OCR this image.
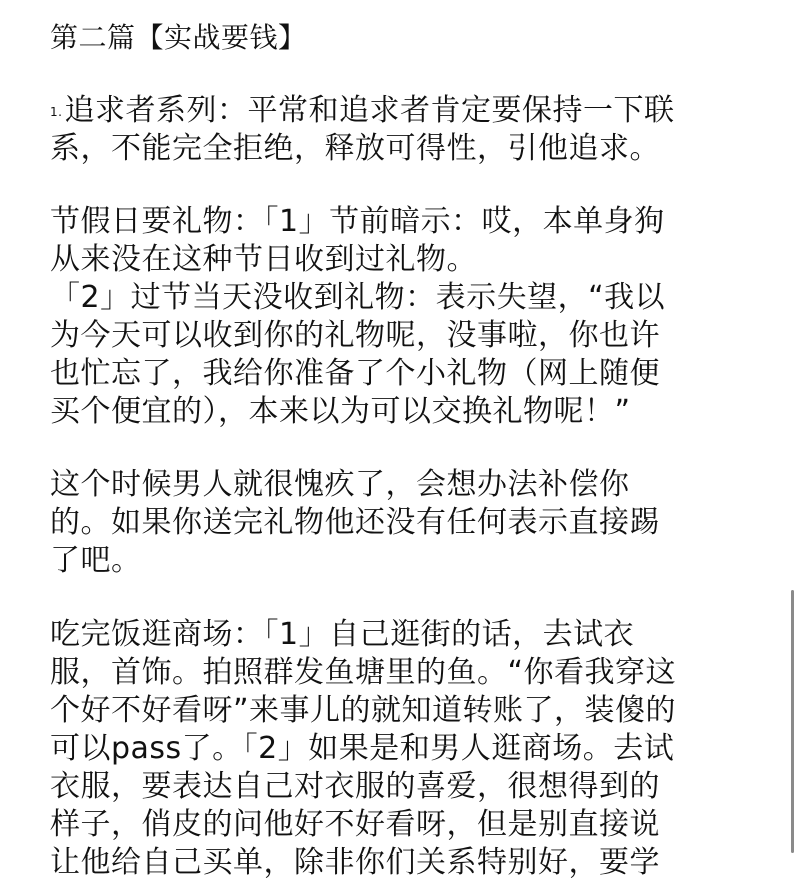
第二篇【实战要钱】
1.追求者系列：平常和追求者肯定要保持一下联
系，不能完全拒绝，释放可得性，引他追求。
节假日要礼物：「1」节前暗示：哎，本单身狗
从来没在这种节日收到过礼物。
「2」过节当天没收到礼物：表示失望，“我以
为今天可以收到你的礼物呢，没事啦，你也许
也忙忘了，我给你准备了个小礼物（网上随便
买个便宜的），本来以为可以交换礼物呢！”
这个时候男人就很愧疚了，会想办法补偿你
的。如果你送完礼物他还没有任何表示直接踢
了吧。
吃完饭逛商场：「1」自己逛街的话，去试衣
服，首饰。拍照群发鱼塘里的鱼。“你看我穿这
个好不好看呀”来事儿的就知道转账了，装傻的
可以pass了。「2」如果是和男人逛商场。去试
衣服，要表达自己对衣服的喜爱，很想得到的
样子，俏皮的问他好不好看呀，但是别直接说
让他给自己买单，除非你们关系特别好，要学
